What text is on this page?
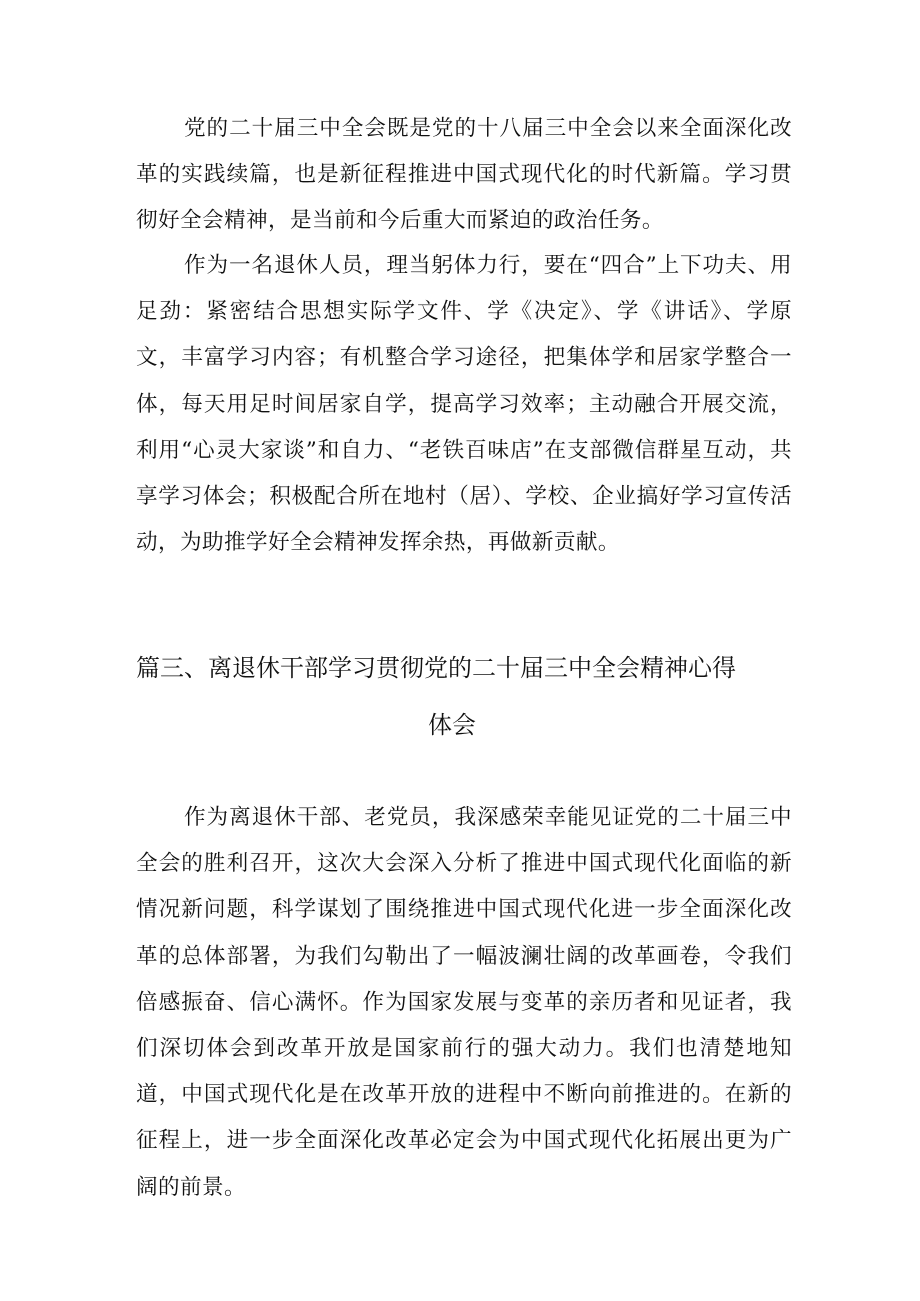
党的二十届三中全会既是党的十八届三中全会以来全面深化改革的实践续篇，也是新征程推进中国式现代化的时代新篇。学习贯彻好全会精神，是当前和今后重大而紧迫的政治任务。

作为一名退休人员，理当躬体力行，要在“四合”上下功夫、用足劲：紧密结合思想实际学文件、学《决定》、学《讲话》、学原文，丰富学习内容；有机整合学习途径，把集体学和居家学整合一体，每天用足时间居家自学，提高学习效率；主动融合开展交流，利用“心灵大家谈”和自力、“老铁百味店”在支部微信群星互动，共享学习体会；积极配合所在地村（居）、学校、企业搞好学习宣传活动，为助推学好全会精神发挥余热，再做新贡献。

篇三、离退休干部学习贯彻党的二十届三中全会精神心得
体会

作为离退休干部、老党员，我深感荣幸能见证党的二十届三中全会的胜利召开，这次大会深入分析了推进中国式现代化面临的新情况新问题，科学谋划了围绕推进中国式现代化进一步全面深化改革的总体部署，为我们勾勒出了一幅波澜壮阔的改革画卷，令我们倍感振奋、信心满怀。作为国家发展与变革的亲历者和见证者，我们深切体会到改革开放是国家前行的强大动力。我们也清楚地知道，中国式现代化是在改革开放的进程中不断向前推进的。在新的征程上，进一步全面深化改革必定会为中国式现代化拓展出更为广阔的前景。
